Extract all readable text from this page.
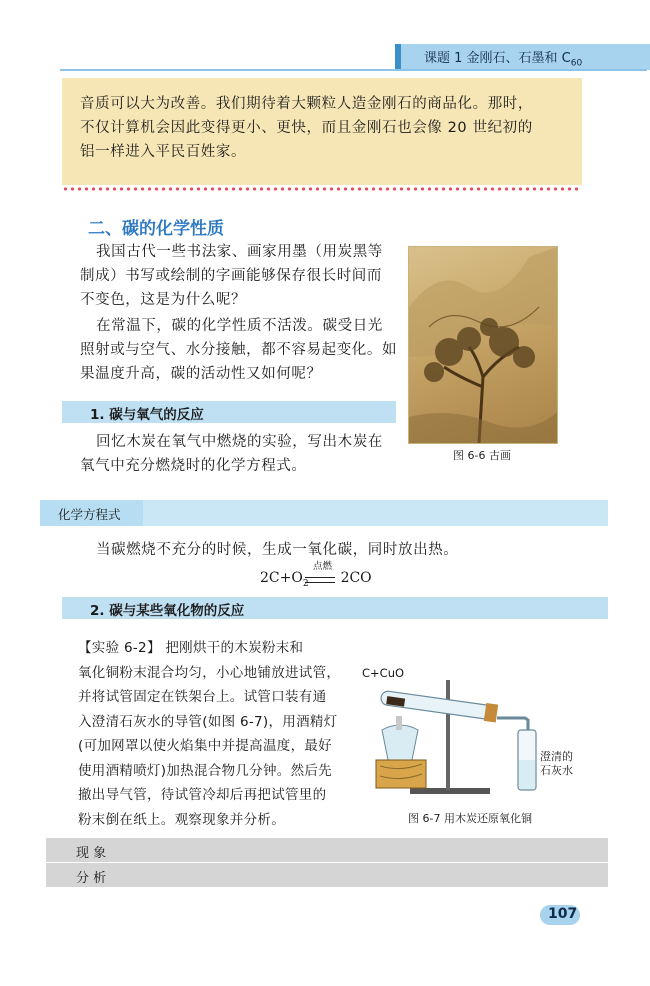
课题 1 金刚石、石墨和 $C_{60}$
音质可以大为改善。我们期待着大颗粒人造金刚石的商品化。那时，
不仅计算机会因此变得更小、更快，而且金刚石也会像 20 世纪初的
铝一样进入平民百姓家。
二、碳的化学性质
我国古代一些书法家、画家用墨（用炭黑等
制成）书写或绘制的字画能够保存很长时间而
不变色，这是为什么呢？
在常温下，碳的化学性质不活泼。碳受日光
照射或与空气、水分接触，都不容易起变化。如
果温度升高，碳的活动性又如何呢？
图 6-6 古画
1. 碳与氧气的反应
回忆木炭在氧气中燃烧的实验，写出木炭在
氧气中充分燃烧时的化学方程式。
化学方程式
当碳燃烧不充分的时候，生成一氧化碳，同时放出热。
点燃
$2C+O_2$ 2CO
2. 碳与某些氧化物的反应
【实验 6-2】 把刚烘干的木炭粉末和
氧化铜粉末混合均匀，小心地铺放进试管，
并将试管固定在铁架台上。试管口装有通
入澄清石灰水的导管(如图 6-7)，用酒精灯
(可加网罩以使火焰集中并提高温度，最好
使用酒精喷灯)加热混合物几分钟。然后先
撤出导气管，待试管冷却后再把试管里的
粉末倒在纸上。观察现象并分析。
C+CuO
澄清的
石灰水
图 6-7 用木炭还原氧化铜
现 象
分 析
107
